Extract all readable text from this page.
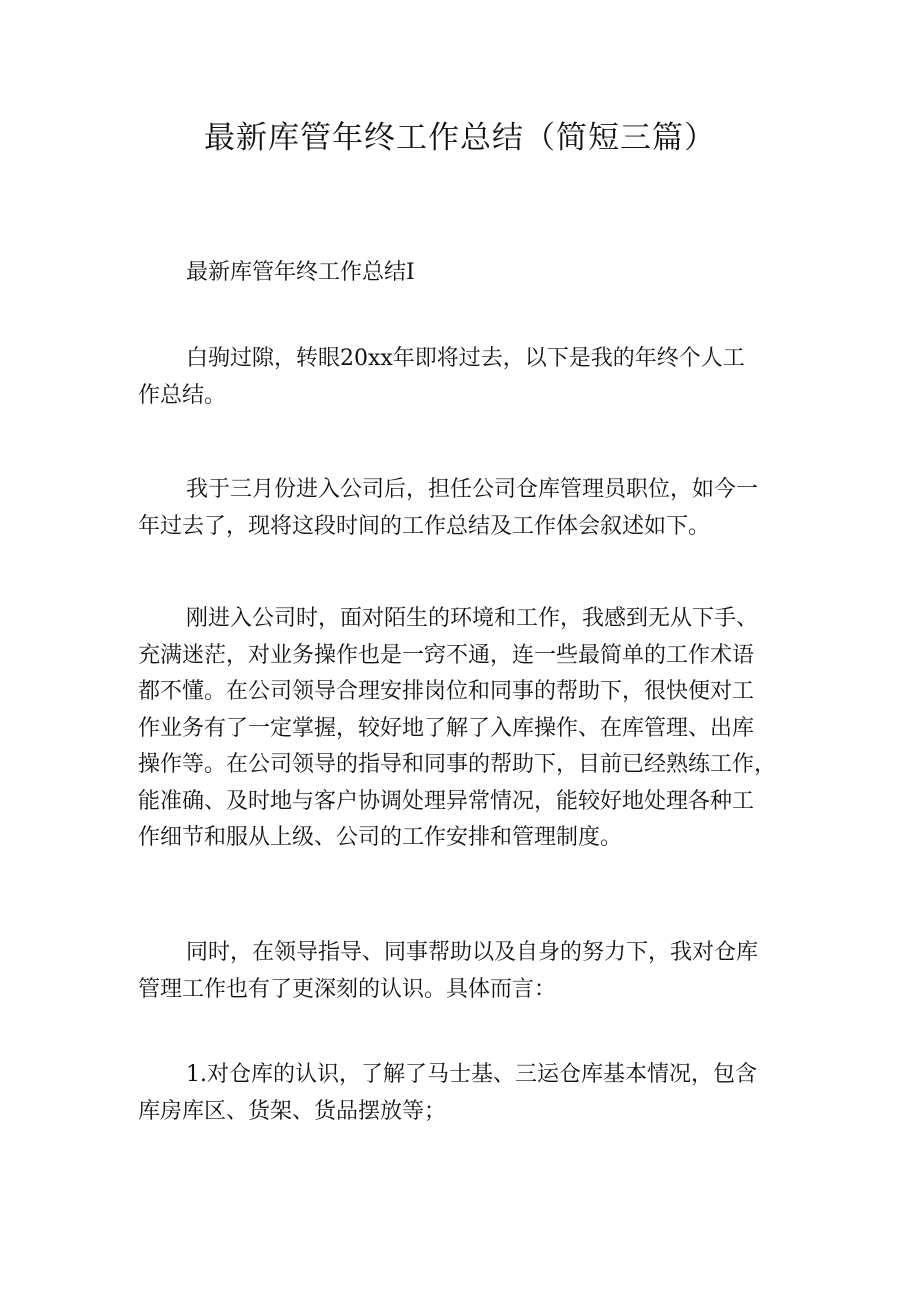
最新库管年终工作总结（简短三篇）
最新库管年终工作总结Ⅰ
白驹过隙，转眼20xx年即将过去，以下是我的年终个人工
作总结。
我于三月份进入公司后，担任公司仓库管理员职位，如今一
年过去了，现将这段时间的工作总结及工作体会叙述如下。
刚进入公司时，面对陌生的环境和工作，我感到无从下手、
充满迷茫，对业务操作也是一窍不通，连一些最简单的工作术语
都不懂。在公司领导合理安排岗位和同事的帮助下，很快便对工
作业务有了一定掌握，较好地了解了入库操作、在库管理、出库
操作等。在公司领导的指导和同事的帮助下，目前已经熟练工作，
能准确、及时地与客户协调处理异常情况，能较好地处理各种工
作细节和服从上级、公司的工作安排和管理制度。
同时，在领导指导、同事帮助以及自身的努力下，我对仓库
管理工作也有了更深刻的认识。具体而言：
1.对仓库的认识，了解了马士基、三运仓库基本情况，包含
库房库区、货架、货品摆放等；
